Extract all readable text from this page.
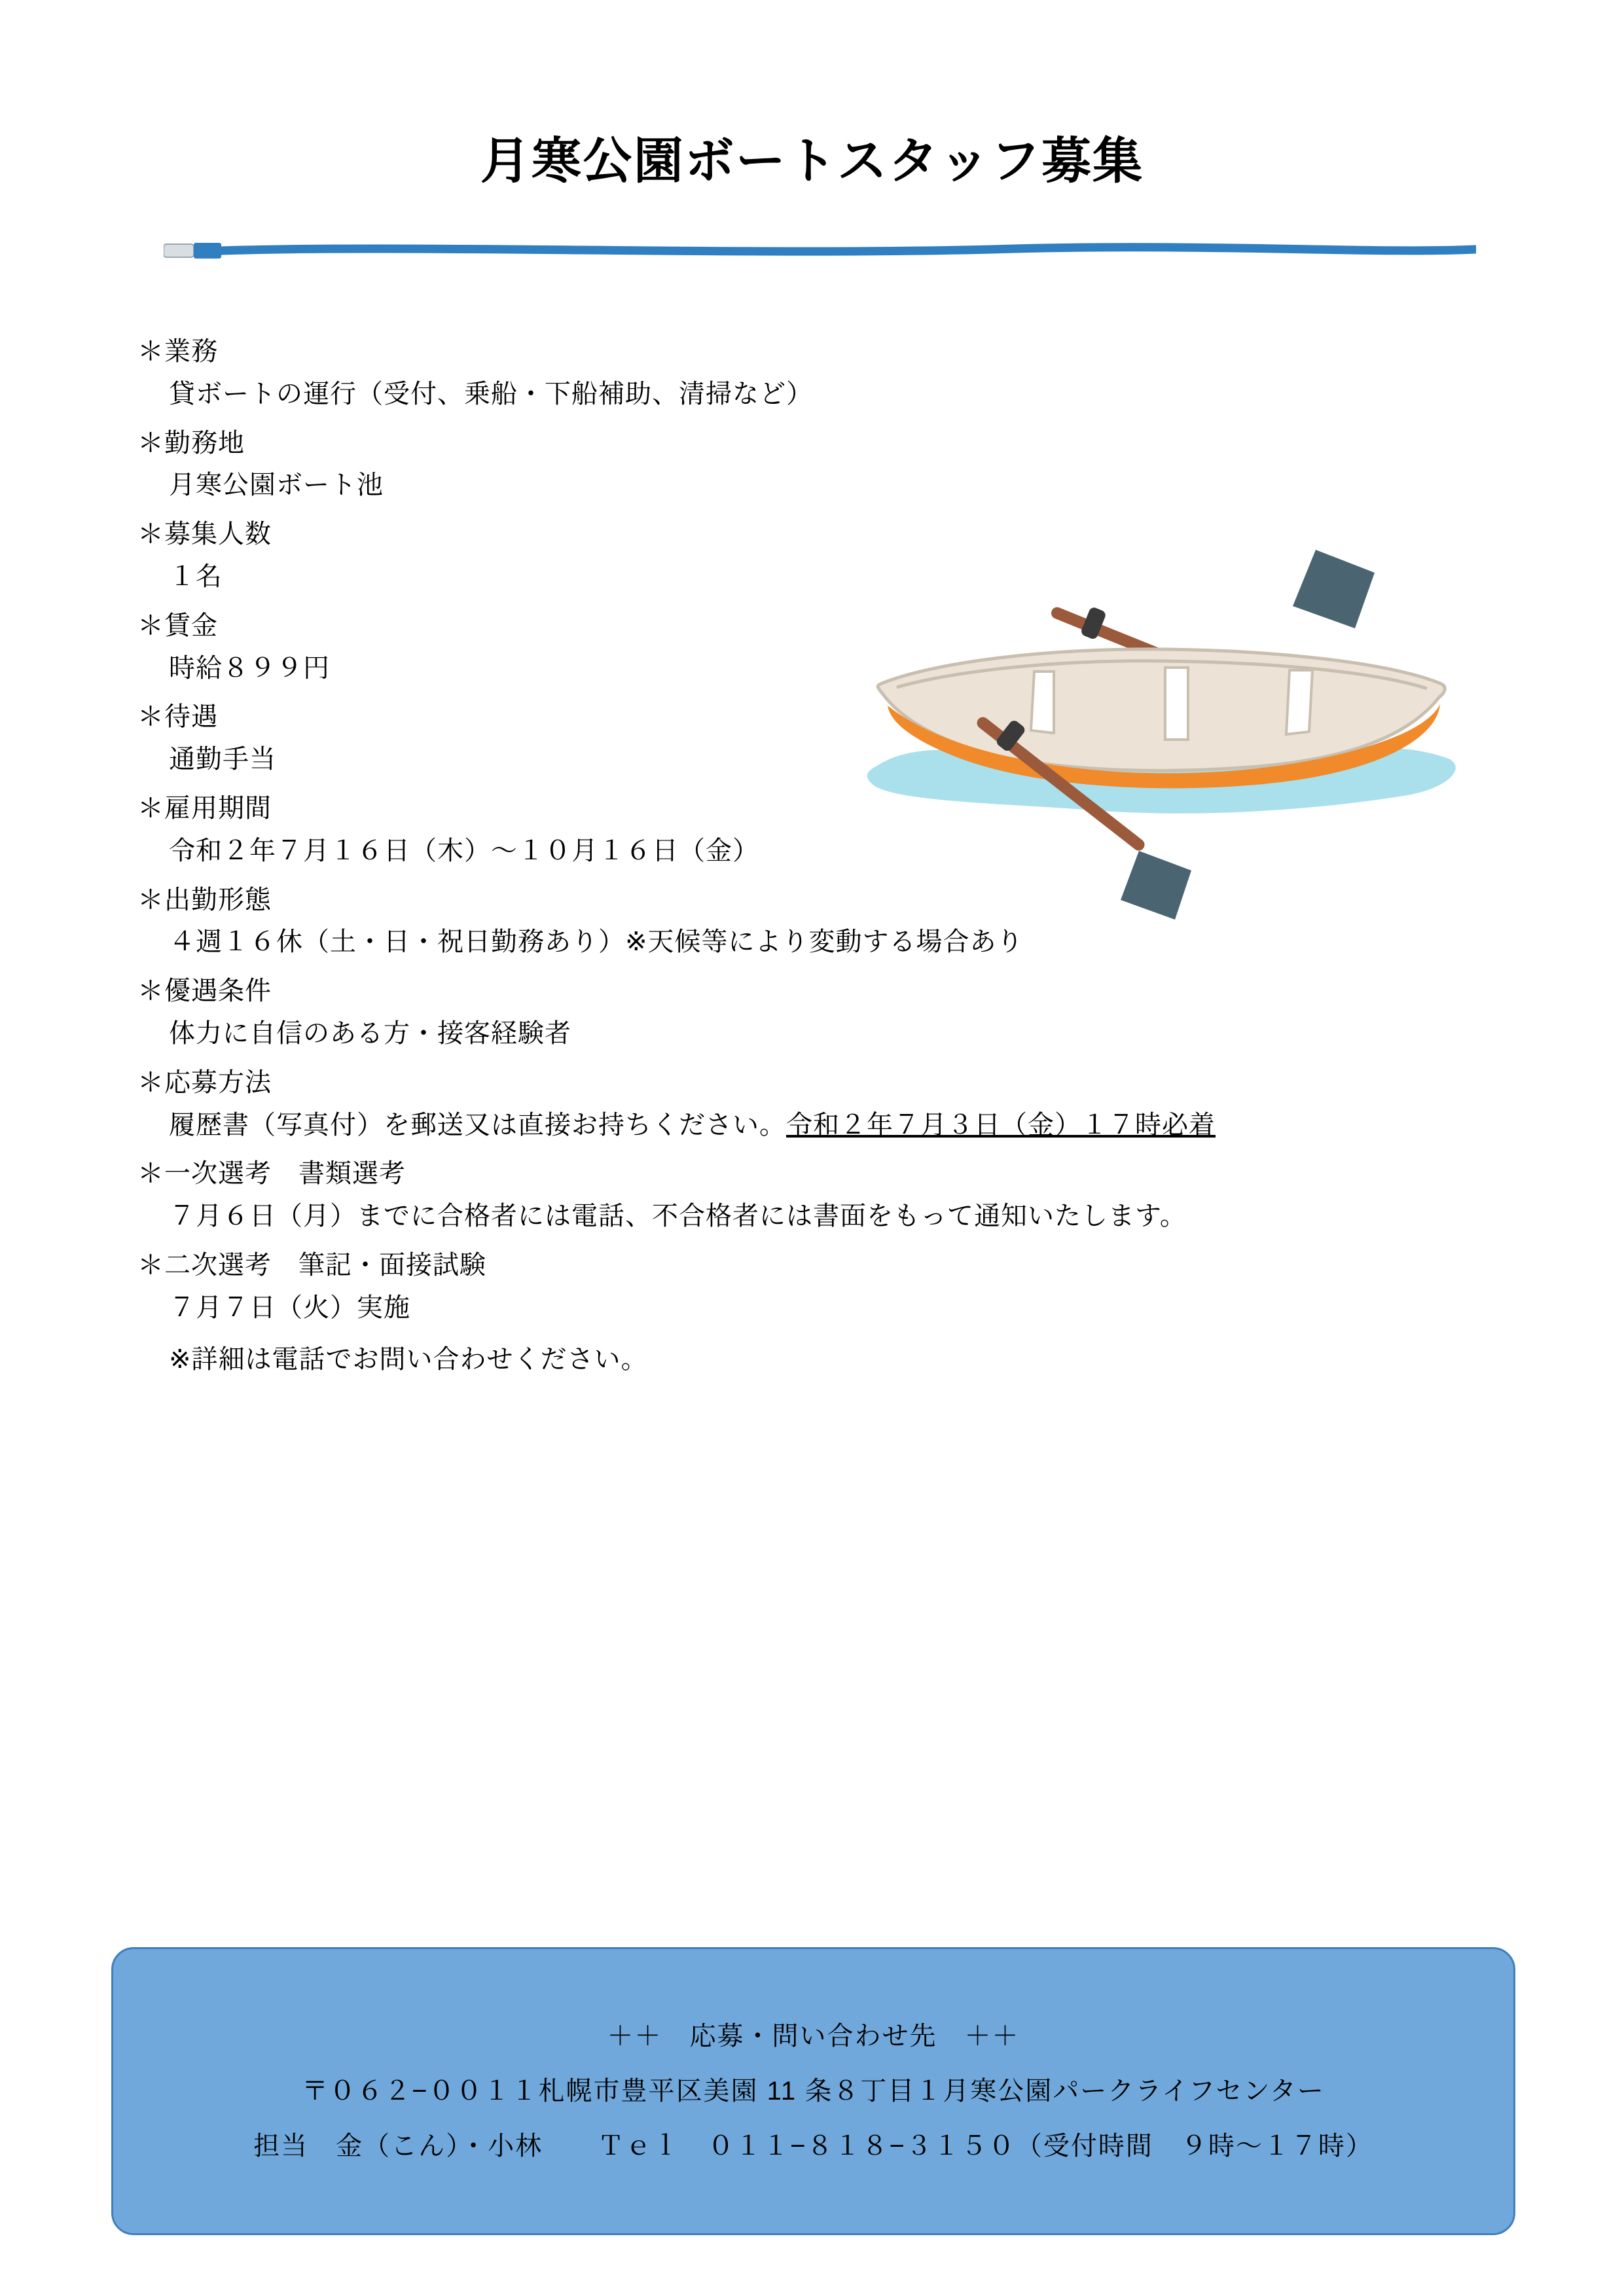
月寒公園ボートスタッフ募集
＊業務
貸ボートの運行（受付、乗船・下船補助、清掃など）
＊勤務地
月寒公園ボート池
＊募集人数
１名
＊賃金
時給８９９円
＊待遇
通勤手当
＊雇用期間
令和２年７月１６日（木）〜１０月１６日（金）
＊出勤形態
４週１６休（土・日・祝日勤務あり）※天候等により変動する場合あり
＊優遇条件
体力に自信のある方・接客経験者
＊応募方法
履歴書（写真付）を郵送又は直接お持ちください。令和２年７月３日（金）１７時必着
＊一次選考　書類選考
７月６日（月）までに合格者には電話、不合格者には書面をもって通知いたします。
＊二次選考　筆記・面接試験
７月７日（火）実施
※詳細は電話でお問い合わせください。
＋＋　応募・問い合わせ先　＋＋
〒０６２−００１１札幌市豊平区美園 11 条８丁目１月寒公園パークライフセンター
担当　金（こん）・小林　　Ｔｅｌ　０１１−８１８−３１５０（受付時間　９時〜１７時）
